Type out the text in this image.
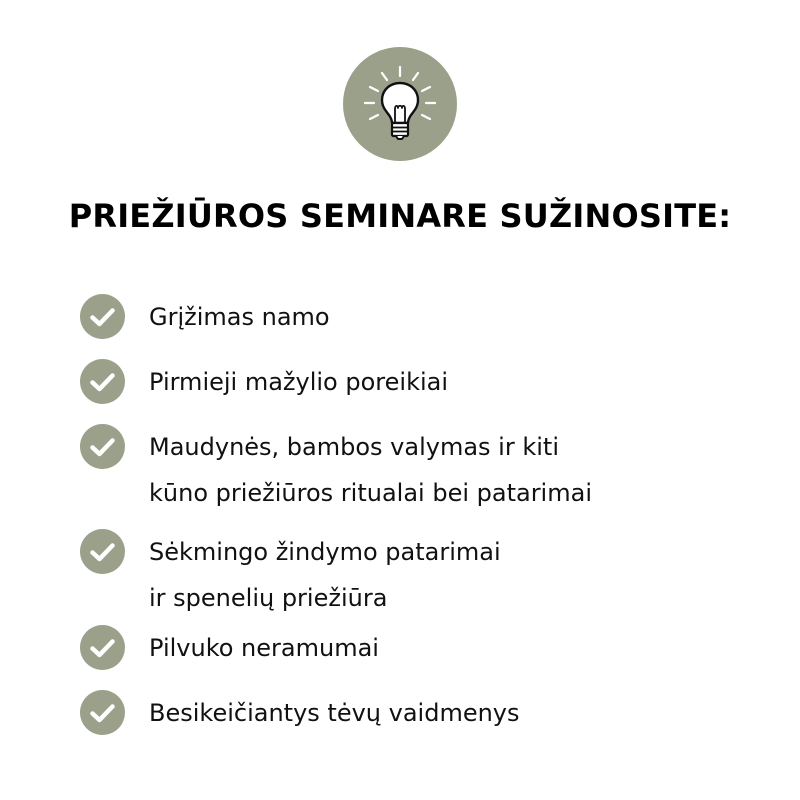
PRIEŽIŪROS SEMINARE SUŽINOSITE:
Grįžimas namo
Pirmieji mažylio poreikiai
Maudynės, bambos valymas ir kiti
kūno priežiūros ritualai bei patarimai
Sėkmingo žindymo patarimai
ir spenelių priežiūra
Pilvuko neramumai
Besikeičiantys tėvų vaidmenys
